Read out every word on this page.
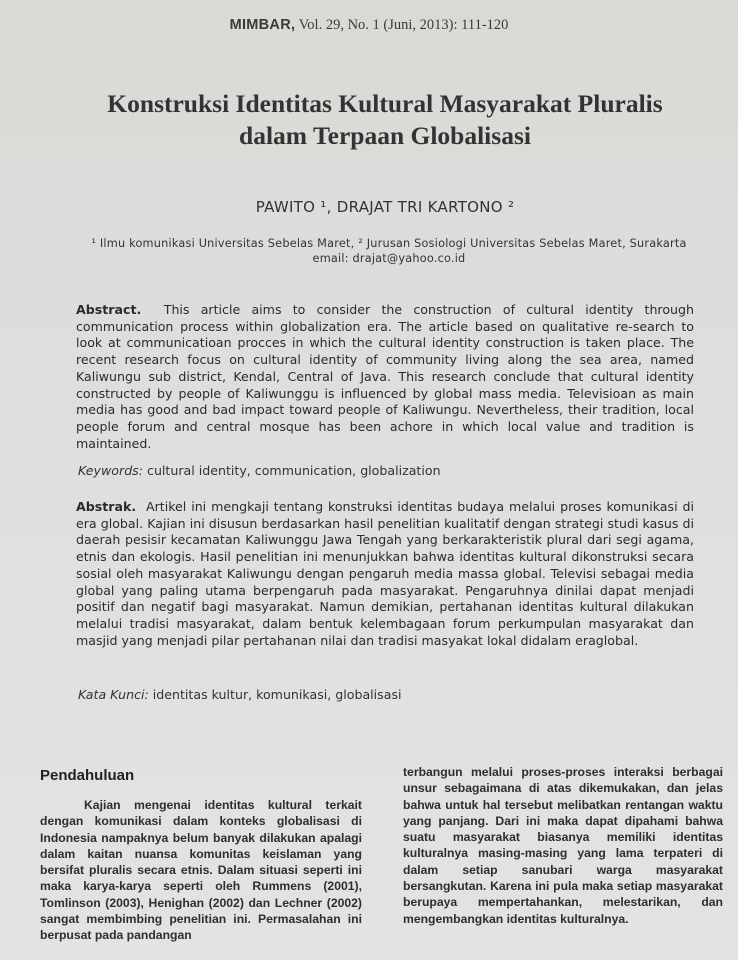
MIMBAR, Vol. 29, No. 1 (Juni, 2013): 111-120
Konstruksi Identitas Kultural Masyarakat Pluralis
dalam Terpaan Globalisasi
PAWITO ¹, DRAJAT TRI KARTONO ²
¹ Ilmu komunikasi Universitas Sebelas Maret, ² Jurusan Sosiologi Universitas Sebelas Maret, Surakarta
email: drajat@yahoo.co.id
Abstract. This article aims to consider the construction of cultural identity through communication process within globalization era. The article based on qualitative re-search to look at communicatioan procces in which the cultural identity construction is taken place. The recent research focus on cultural identity of community living along the sea area, named Kaliwungu sub district, Kendal, Central of Java. This research conclude that cultural identity constructed by people of Kaliwunggu is influenced by global mass media. Televisioan as main media has good and bad impact toward people of Kaliwungu. Nevertheless, their tradition, local people forum and central mosque has been achore in which local value and tradition is maintained.
Keywords: cultural identity, communication, globalization
Abstrak. Artikel ini mengkaji tentang konstruksi identitas budaya melalui proses komunikasi di era global. Kajian ini disusun berdasarkan hasil penelitian kualitatif dengan strategi studi kasus di daerah pesisir kecamatan Kaliwunggu Jawa Tengah yang berkarakteristik plural dari segi agama, etnis dan ekologis. Hasil penelitian ini menunjukkan bahwa identitas kultural dikonstruksi secara sosial oleh masyarakat Kaliwungu dengan pengaruh media massa global. Televisi sebagai media global yang paling utama berpengaruh pada masyarakat. Pengaruhnya dinilai dapat menjadi positif dan negatif bagi masyarakat. Namun demikian, pertahanan identitas kultural dilakukan melalui tradisi masyarakat, dalam bentuk kelembagaan forum perkumpulan masyarakat dan masjid yang menjadi pilar pertahanan nilai dan tradisi masyakat lokal didalam eraglobal.
Kata Kunci: identitas kultur, komunikasi, globalisasi
Pendahuluan
Kajian mengenai identitas kultural terkait dengan komunikasi dalam konteks globalisasi di Indonesia nampaknya belum banyak dilakukan apalagi dalam kaitan nuansa komunitas keislaman yang bersifat pluralis secara etnis. Dalam situasi seperti ini maka karya-karya seperti oleh Rummens (2001), Tomlinson (2003), Henighan (2002) dan Lechner (2002) sangat membimbing penelitian ini. Permasalahan ini berpusat pada pandangan
terbangun melalui proses-proses interaksi berbagai unsur sebagaimana di atas dikemukakan, dan jelas bahwa untuk hal tersebut melibatkan rentangan waktu yang panjang. Dari ini maka dapat dipahami bahwa suatu masyarakat biasanya memiliki identitas kulturalnya masing-masing yang lama terpateri di dalam setiap sanubari warga masyarakat bersangkutan. Karena ini pula maka setiap masyarakat berupaya mempertahankan, melestarikan, dan mengembangkan identitas kulturalnya.
